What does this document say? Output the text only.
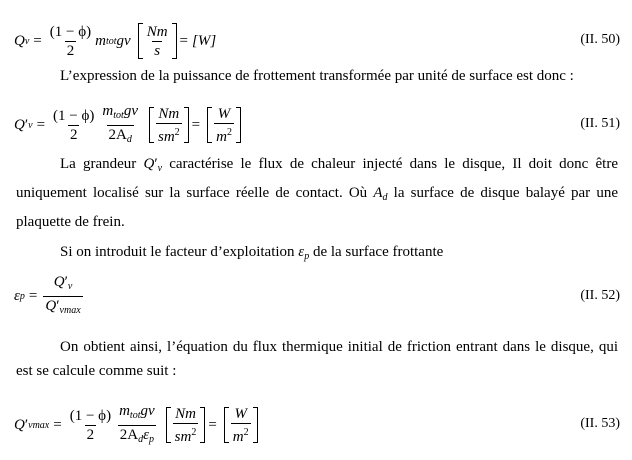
Q $v = \frac{(1 - \phi)}{2}$ m tot gv $\frac{Nm}{s} = [W]$	(II. 50)
L’expression de la puissance de frottement transformée par unité de surface est donc :
Q ′ $v = \frac{(1 - \phi)}{2} \frac{m_{tot}gv}{2A_d} \frac{Nm}{sm^2} = \frac{W}{m^2}$	(II. 51)
La grandeur $Q'_v$ caractérise le flux de chaleur injecté dans le disque, Il doit donc être uniquement localisé sur la surface réelle de contact. Où $A_d$ la surface de disque balayé par une plaquette de frein.
Si on introduit le facteur d’exploitation $\varepsilon_p$ de la surface frottante
ε $p = \frac{Q'_v}{Q'_{vmax}}$	(II. 52)
On obtient ainsi, l’équation du flux thermique initial de friction entrant dans le disque, qui est se calcule comme suit :
Q ′ v $\max = \frac{(1 - \phi)}{2} \frac{m_{tot}gv}{2A_d\varepsilon_p} \frac{Nm}{sm^2} = \frac{W}{m^2}$	(II. 53)
